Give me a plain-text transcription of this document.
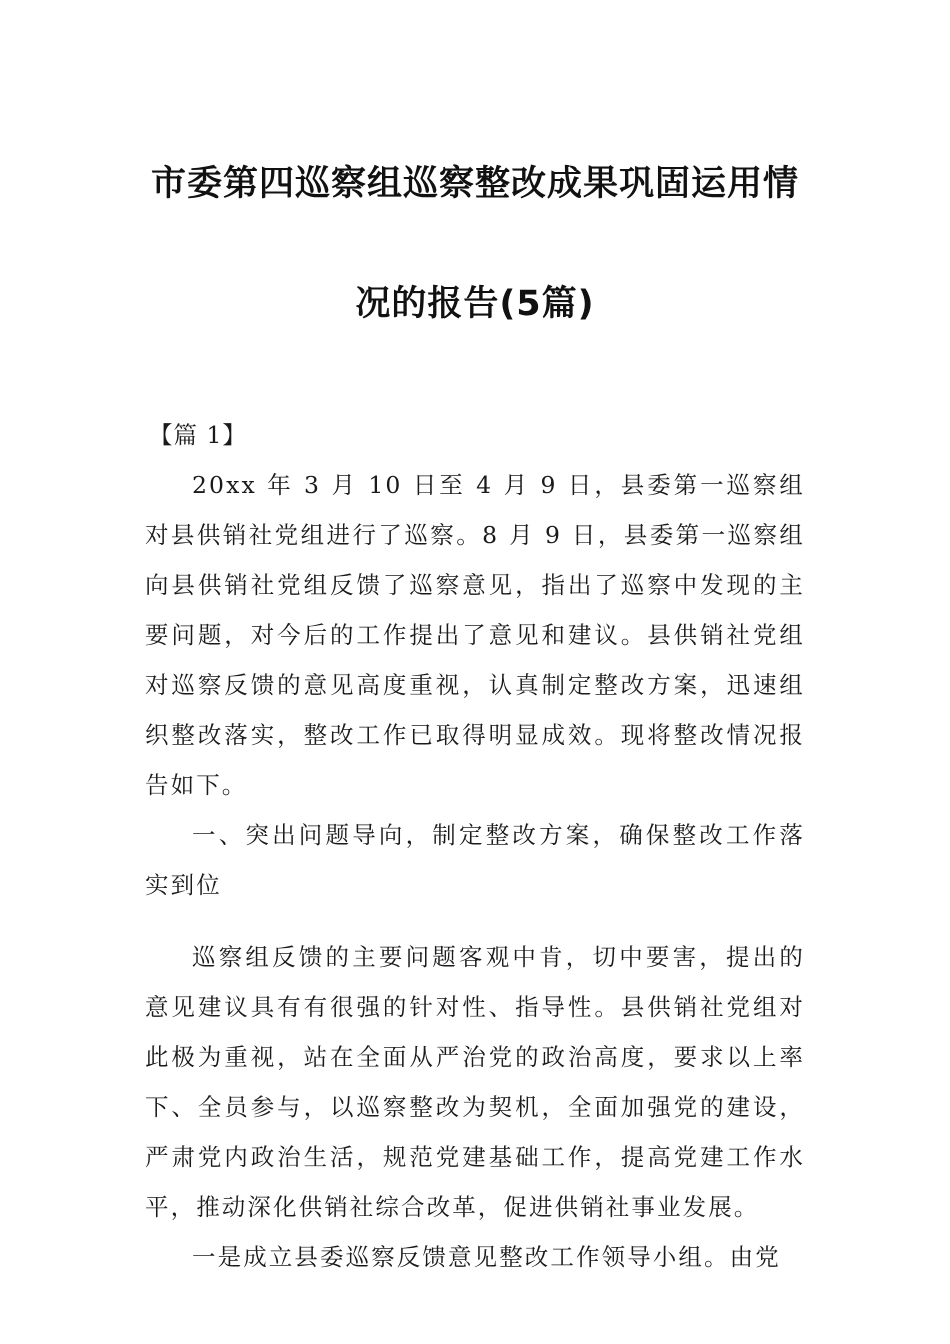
市委第四巡察组巡察整改成果巩固运用情
况的报告(5篇)

【篇 1】

20xx 年 3 月 10 日至 4 月 9 日，县委第一巡察组对县供销社党组进行了巡察。8 月 9 日，县委第一巡察组向县供销社党组反馈了巡察意见，指出了巡察中发现的主要问题，对今后的工作提出了意见和建议。县供销社党组对巡察反馈的意见高度重视，认真制定整改方案，迅速组织整改落实，整改工作已取得明显成效。现将整改情况报告如下。

一、突出问题导向，制定整改方案，确保整改工作落实到位

巡察组反馈的主要问题客观中肯，切中要害，提出的意见建议具有有很强的针对性、指导性。县供销社党组对此极为重视，站在全面从严治党的政治高度，要求以上率下、全员参与，以巡察整改为契机，全面加强党的建设，严肃党内政治生活，规范党建基础工作，提高党建工作水平，推动深化供销社综合改革，促进供销社事业发展。

一是成立县委巡察反馈意见整改工作领导小组。由党
